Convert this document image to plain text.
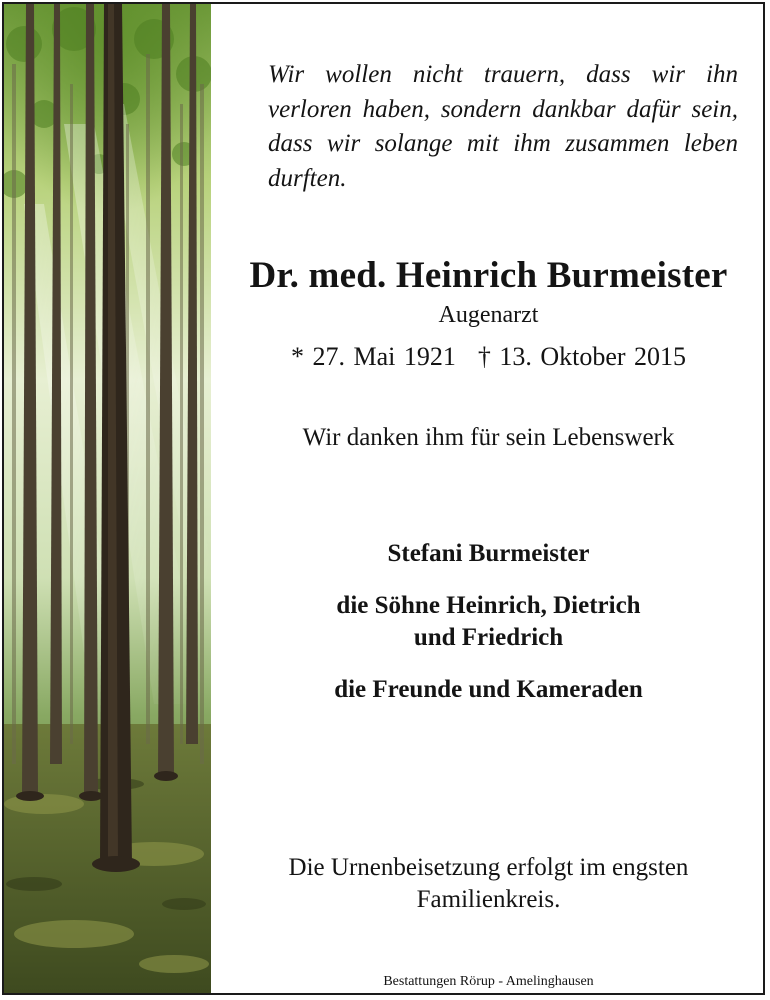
Wir wollen nicht trauern, dass wir ihn verloren haben, sondern dankbar dafür sein, dass wir solange mit ihm zusammen leben durften.

Dr. med. Heinrich Burmeister

Augenarzt

* 27. Mai 1921 † 13. Oktober 2015

Wir danken ihm für sein Lebenswerk

Stefani Burmeister

die Söhne Heinrich, Dietrich
und Friedrich

die Freunde und Kameraden

Die Urnenbeisetzung erfolgt im engsten
Familienkreis.

Bestattungen Rörup - Amelinghausen
